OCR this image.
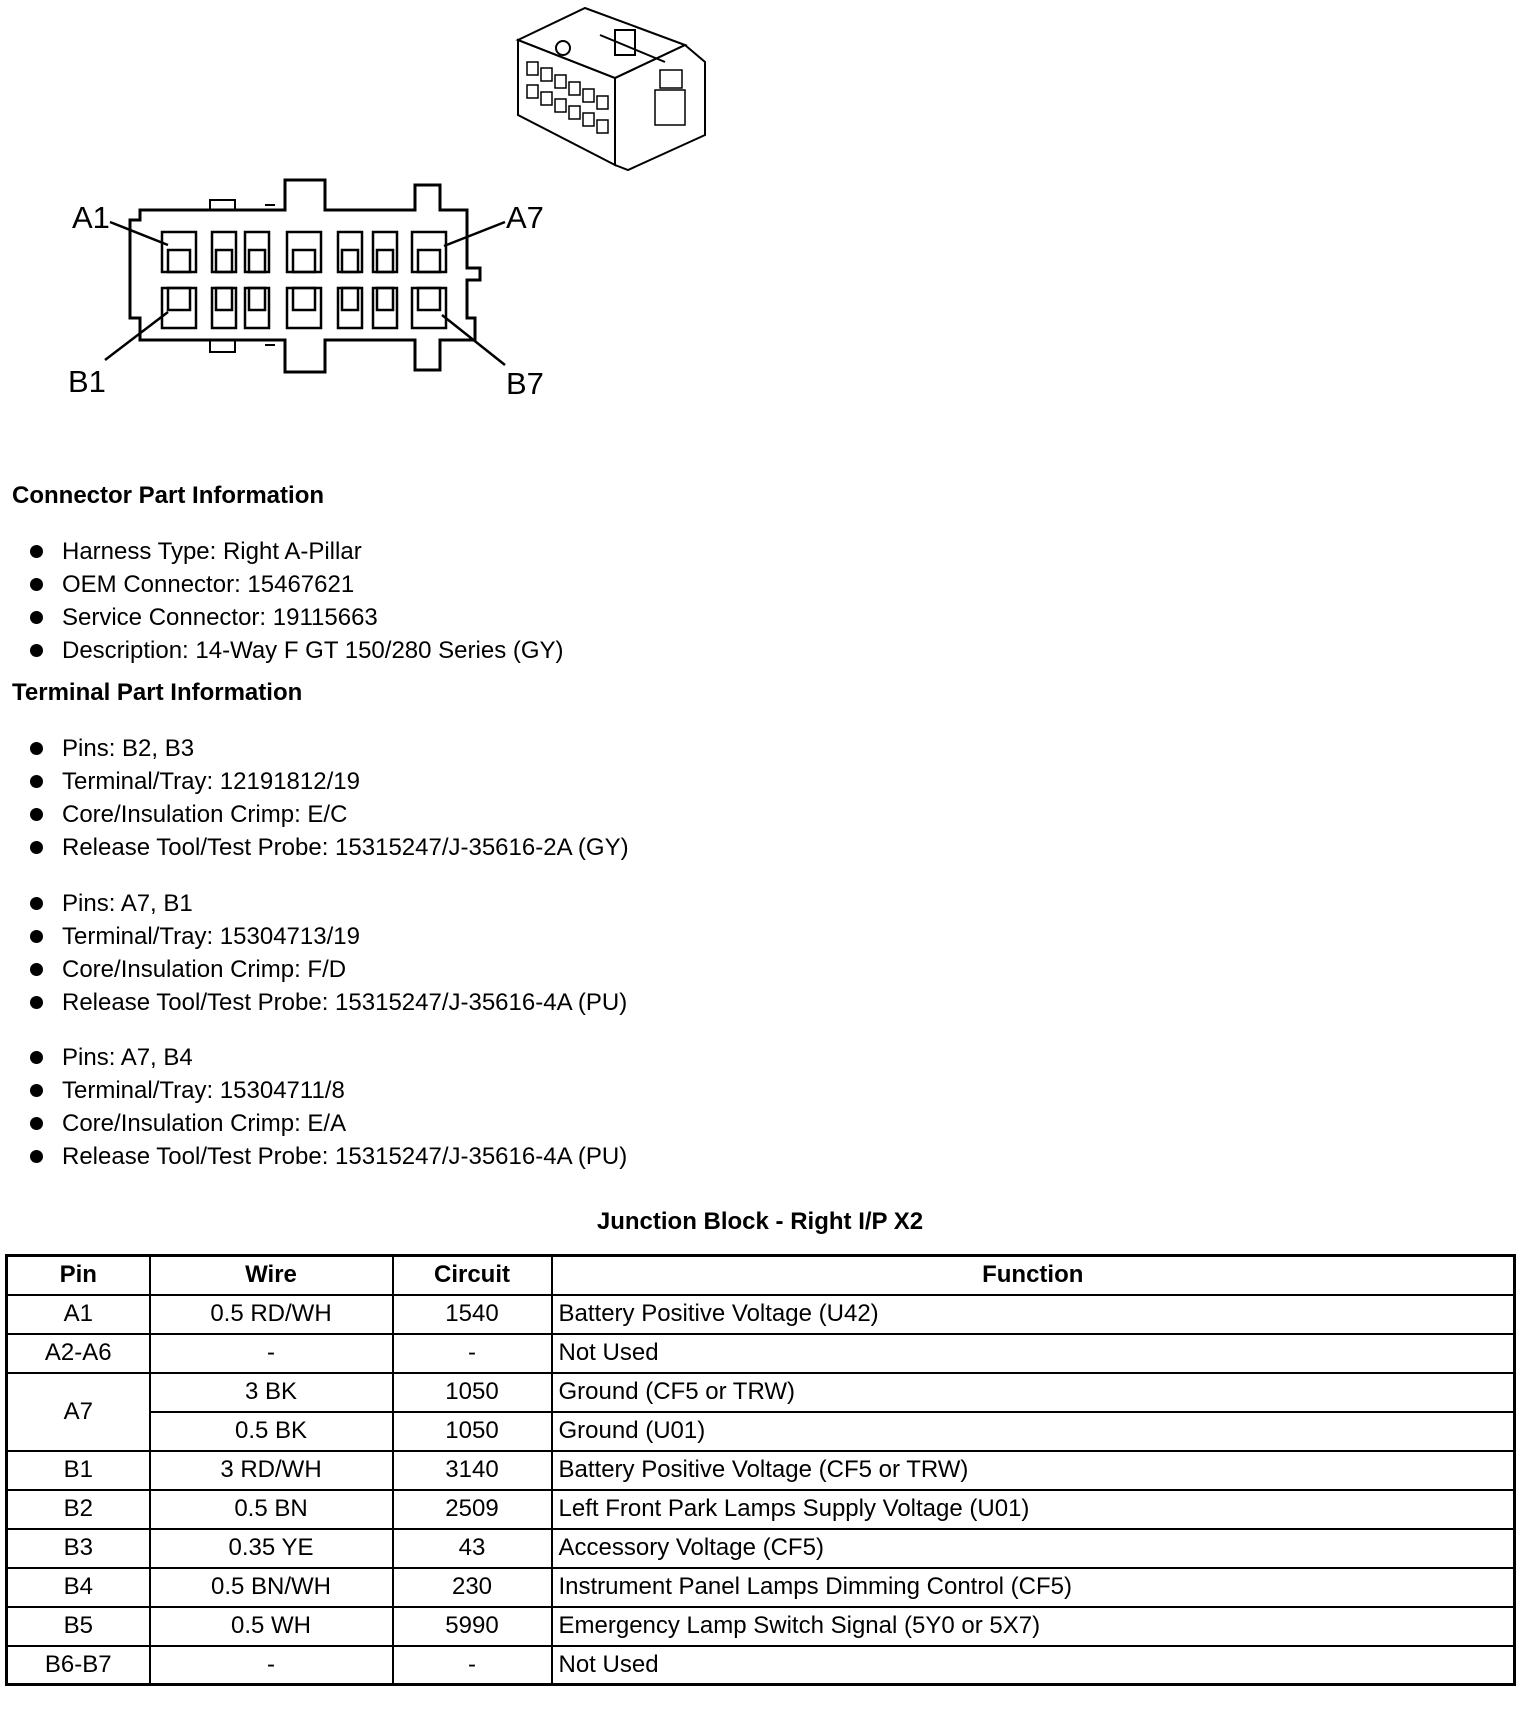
A1	A7
B1	B7
Connector Part Information
Harness Type: Right A-Pillar
OEM Connector: 15467621
Service Connector: 19115663
Description: 14-Way F GT 150/280 Series (GY)
Terminal Part Information
Pins: B2, B3
Terminal/Tray: 12191812/19
Core/Insulation Crimp: E/C
Release Tool/Test Probe: 15315247/J-35616-2A (GY)
Pins: A7, B1
Terminal/Tray: 15304713/19
Core/Insulation Crimp: F/D
Release Tool/Test Probe: 15315247/J-35616-4A (PU)
Pins: A7, B4
Terminal/Tray: 15304711/8
Core/Insulation Crimp: E/A
Release Tool/Test Probe: 15315247/J-35616-4A (PU)
Junction Block - Right I/P X2
Pin	Wire	Circuit	Function
A1	0.5 RD/WH	1540	Battery Positive Voltage (U42)
A2-A6	-	-	Not Used
A7	3 BK	1050	Ground (CF5 or TRW)
	0.5 BK	1050	Ground (U01)
B1	3 RD/WH	3140	Battery Positive Voltage (CF5 or TRW)
B2	0.5 BN	2509	Left Front Park Lamps Supply Voltage (U01)
B3	0.35 YE	43	Accessory Voltage (CF5)
B4	0.5 BN/WH	230	Instrument Panel Lamps Dimming Control (CF5)
B5	0.5 WH	5990	Emergency Lamp Switch Signal (5Y0 or 5X7)
B6-B7	-	-	Not Used
